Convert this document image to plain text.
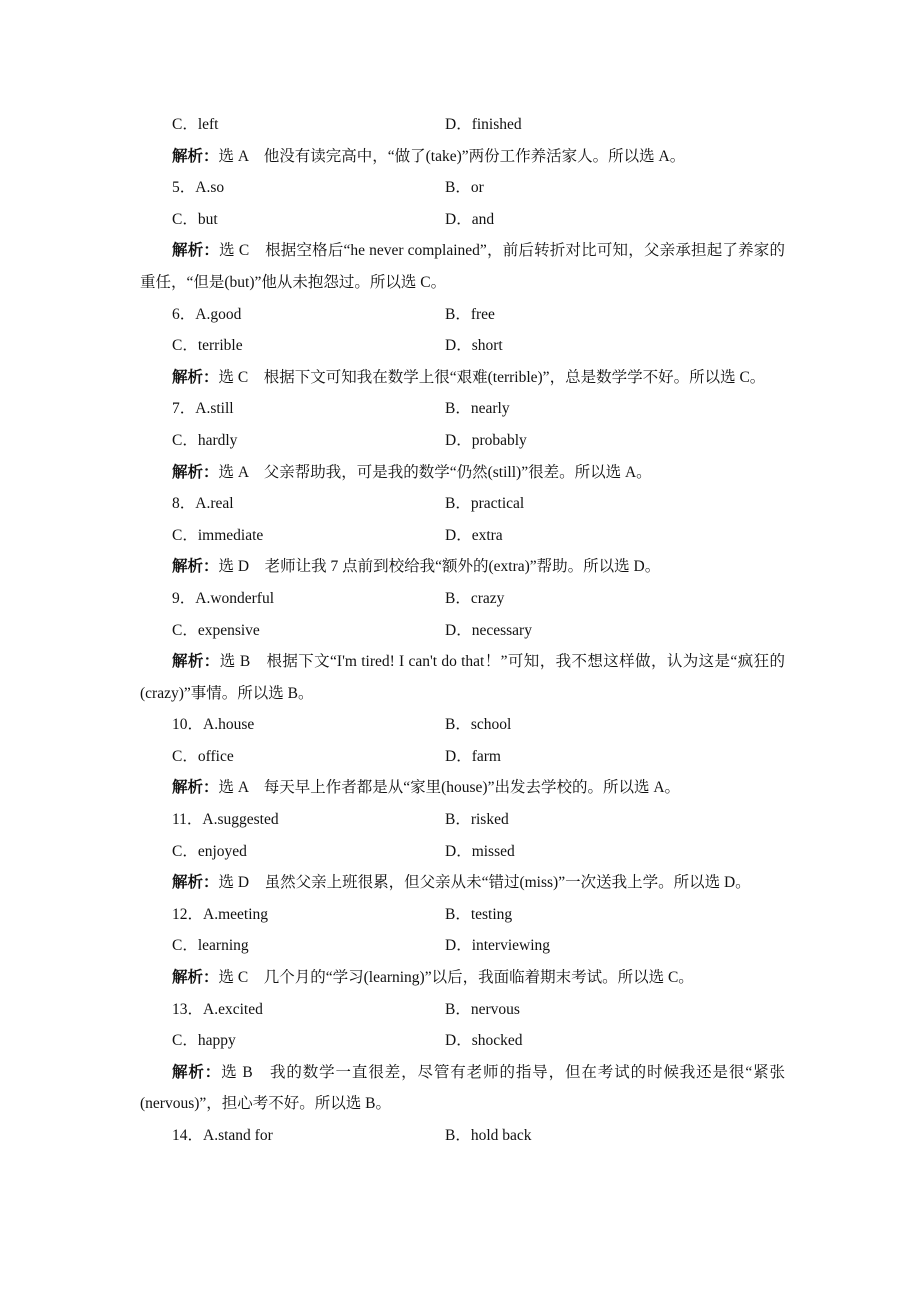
C．left	D．finished
解析：选 A　他没有读完高中，“做了(take)”两份工作养活家人。所以选 A。
5．A.so	B．or
C．but	D．and
解析：选 C　根据空格后“he never complained”，前后转折对比可知，父亲承担起了养家的重任，“但是(but)”他从未抱怨过。所以选 C。
6．A.good	B．free
C．terrible	D．short
解析：选 C　根据下文可知我在数学上很“艰难(terrible)”，总是数学学不好。所以选 C。
7．A.still	B．nearly
C．hardly	D．probably
解析：选 A　父亲帮助我，可是我的数学“仍然(still)”很差。所以选 A。
8．A.real	B．practical
C．immediate	D．extra
解析：选 D　老师让我 7 点前到校给我“额外的(extra)”帮助。所以选 D。
9．A.wonderful	B．crazy
C．expensive	D．necessary
解析：选 B　根据下文“I'm tired! I can't do that！”可知，我不想这样做，认为这是“疯狂的(crazy)”事情。所以选 B。
10．A.house	B．school
C．office	D．farm
解析：选 A　每天早上作者都是从“家里(house)”出发去学校的。所以选 A。
11．A.suggested	B．risked
C．enjoyed	D．missed
解析：选 D　虽然父亲上班很累，但父亲从未“错过(miss)”一次送我上学。所以选 D。
12．A.meeting	B．testing
C．learning	D．interviewing
解析：选 C　几个月的“学习(learning)”以后，我面临着期末考试。所以选 C。
13．A.excited	B．nervous
C．happy	D．shocked
解析：选 B　我的数学一直很差，尽管有老师的指导，但在考试的时候我还是很“紧张(nervous)”，担心考不好。所以选 B。
14．A.stand for	B．hold back
